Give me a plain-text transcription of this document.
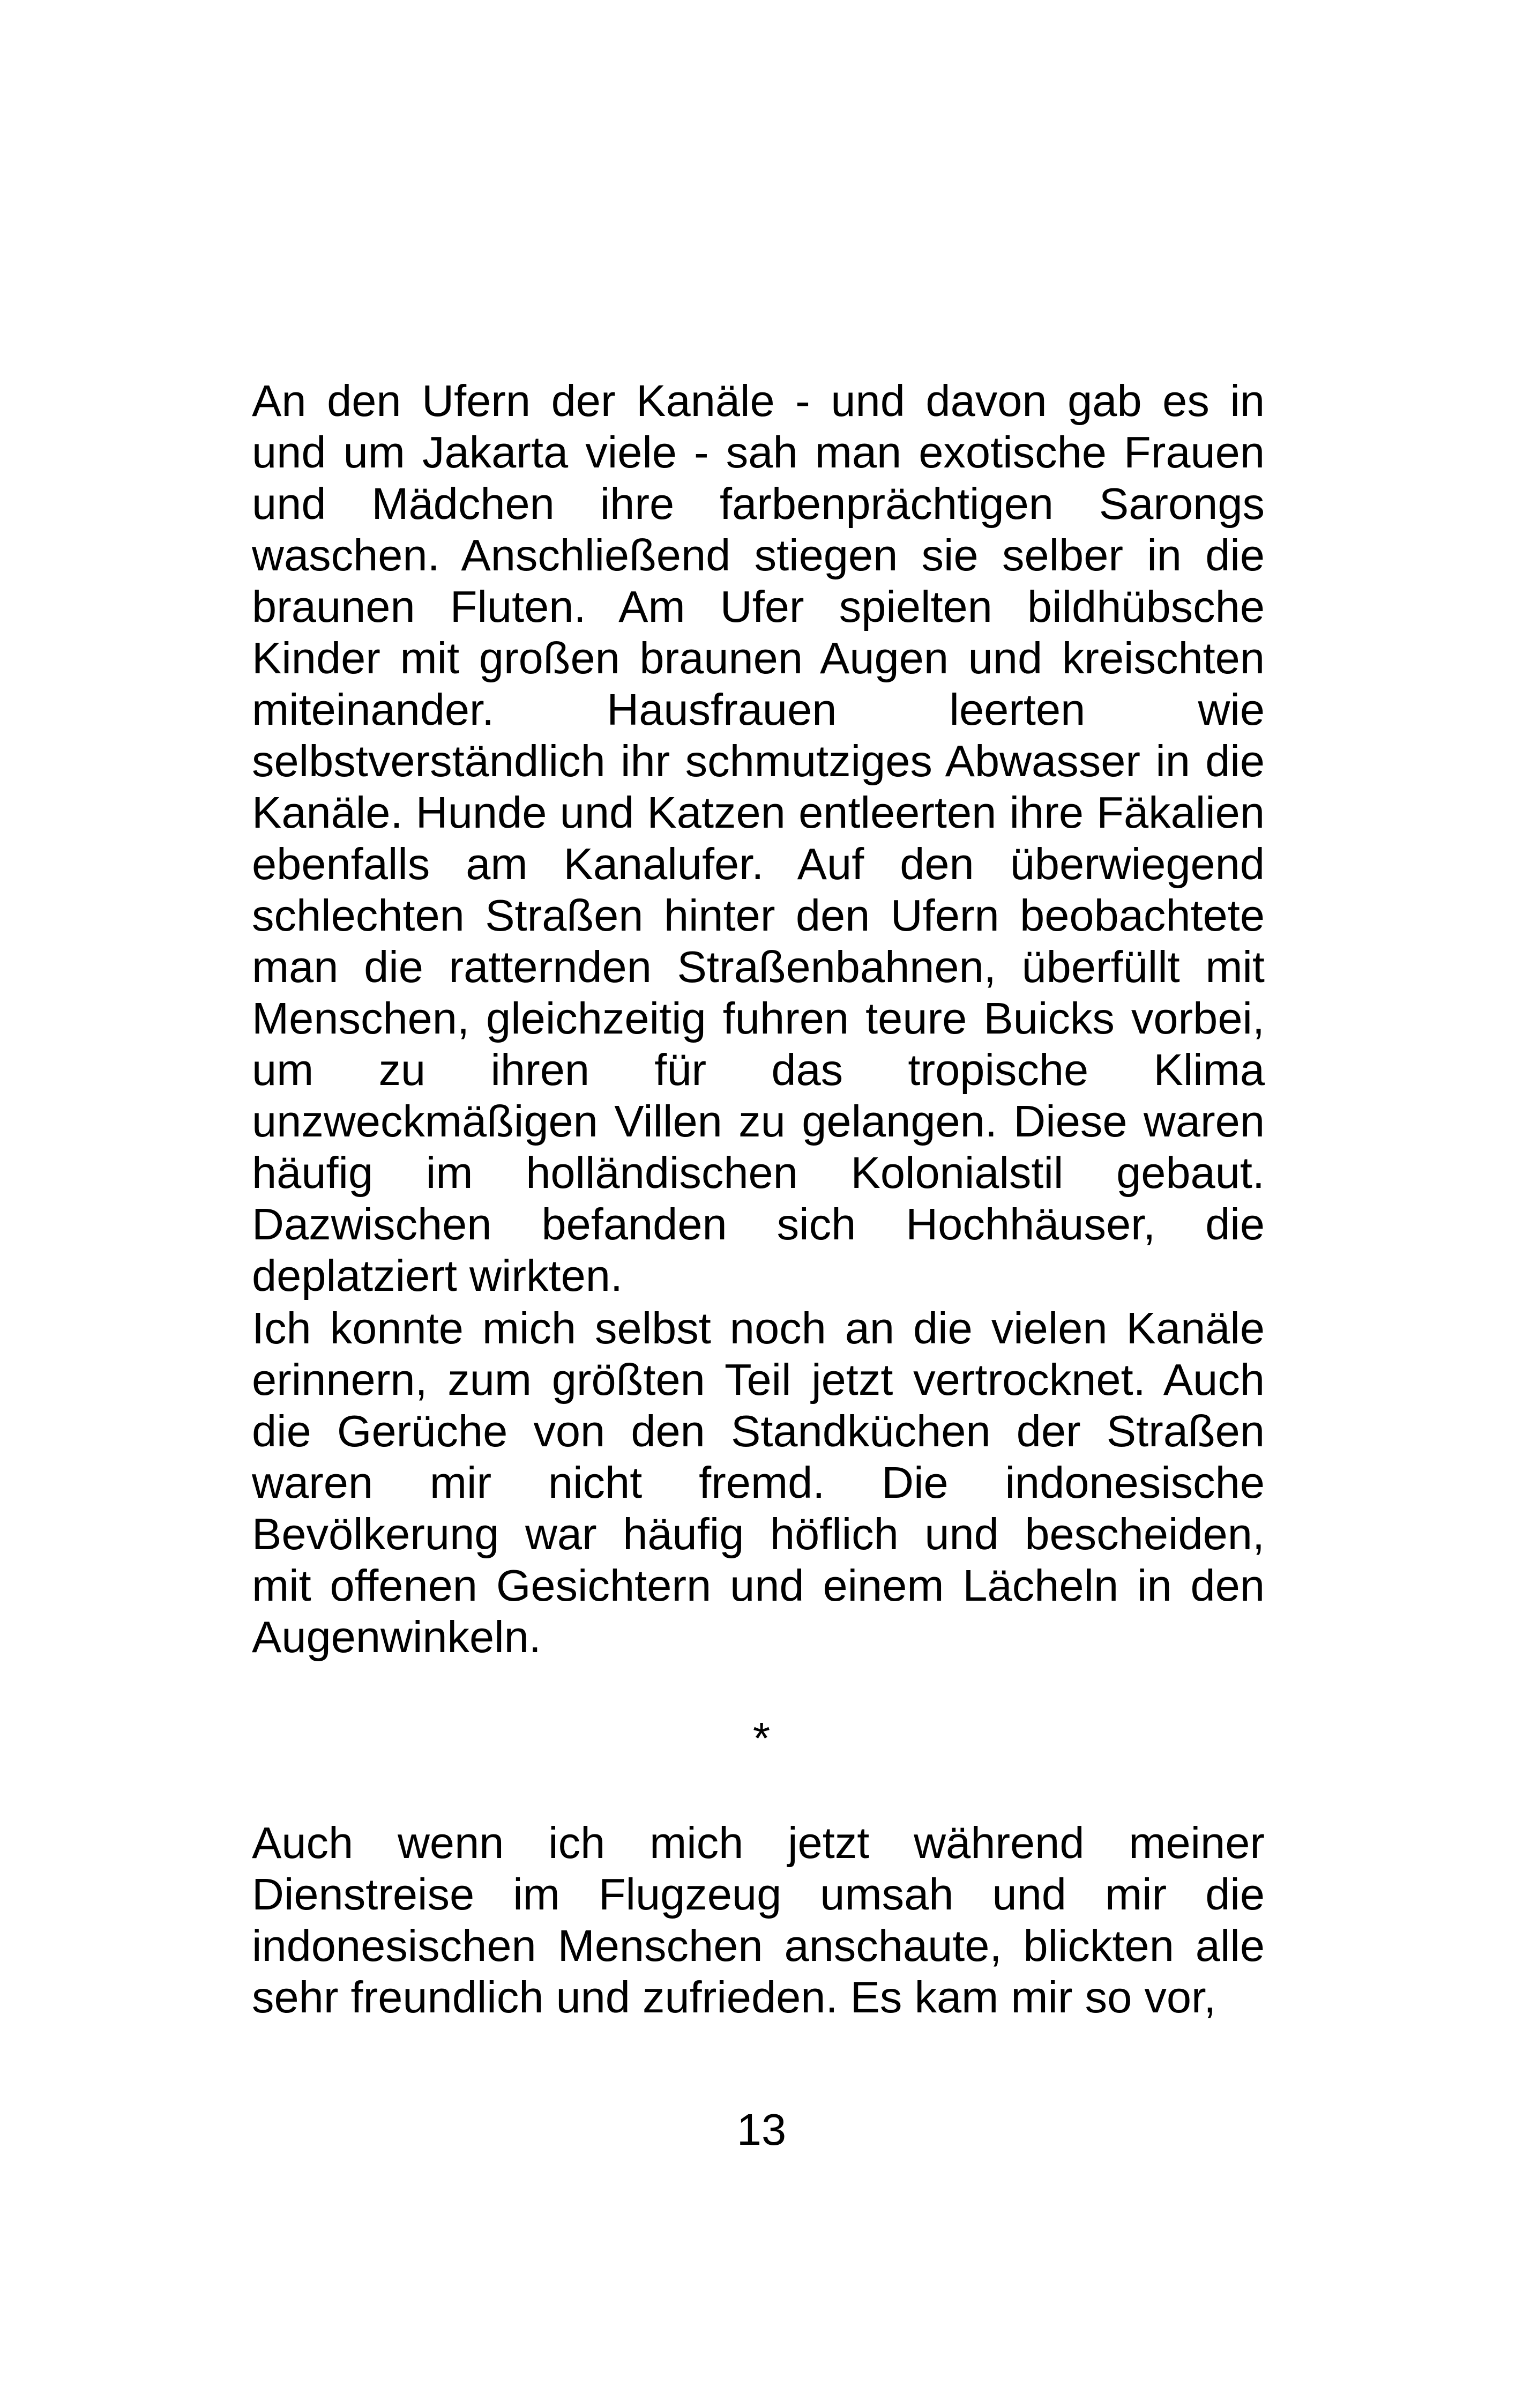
An den Ufern der Kanäle - und davon gab es in und um Jakarta viele - sah man exotische Frauen und Mädchen ihre farbenprächtigen Sarongs waschen. Anschließend stiegen sie selber in die braunen Fluten. Am Ufer spielten bildhübsche Kinder mit großen braunen Augen und kreischten miteinander. Hausfrauen leerten wie selbstverständlich ihr schmutziges Abwasser in die Kanäle. Hunde und Katzen entleerten ihre Fäkalien ebenfalls am Kanalufer. Auf den überwiegend schlechten Straßen hinter den Ufern beobachtete man die ratternden Straßenbahnen, überfüllt mit Menschen, gleichzeitig fuhren teure Buicks vorbei, um zu ihren für das tropische Klima unzweckmäßigen Villen zu gelangen. Diese waren häufig im holländischen Kolonialstil gebaut. Dazwischen befanden sich Hochhäuser, die deplatziert wirkten.

Ich konnte mich selbst noch an die vielen Kanäle erinnern, zum größten Teil jetzt vertrocknet. Auch die Gerüche von den Standküchen der Straßen waren mir nicht fremd. Die indonesische Bevölkerung war häufig höflich und bescheiden, mit offenen Gesichtern und einem Lächeln in den Augenwinkeln.

*

Auch wenn ich mich jetzt während meiner Dienstreise im Flugzeug umsah und mir die indonesischen Menschen anschaute, blickten alle sehr freundlich und zufrieden. Es kam mir so vor,

13
